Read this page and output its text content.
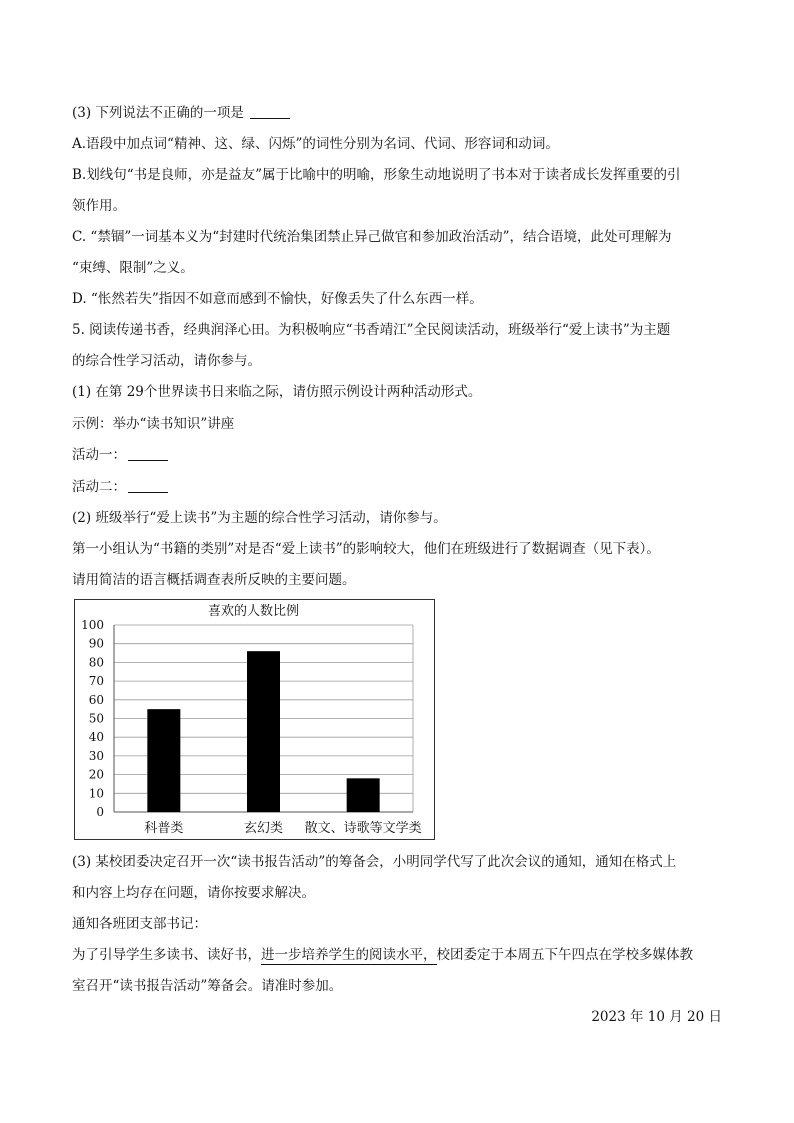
(3) 下列说法不正确的一项是
A.语段中加点词“精神、这、绿、闪烁”的词性分别为名词、代词、形容词和动词。
B.划线句“书是良师，亦是益友”属于比喻中的明喻，形象生动地说明了书本对于读者成长发挥重要的引
领作用。
C. “禁锢”一词基本义为“封建时代统治集团禁止异己做官和参加政治活动”，结合语境，此处可理解为
“束缚、限制”之义。
D. “怅然若失”指因不如意而感到不愉快，好像丢失了什么东西一样。
5. 阅读传递书香，经典润泽心田。为积极响应“书香靖江”全民阅读活动，班级举行“爱上读书”为主题
的综合性学习活动，请你参与。
(1) 在第 29个世界读书日来临之际，请仿照示例设计两种活动形式。
示例：举办“读书知识”讲座
活动一：
活动二：
(2) 班级举行“爱上读书”为主题的综合性学习活动，请你参与。
第一小组认为“书籍的类别”对是否“爱上读书”的影响较大，他们在班级进行了数据调查（见下表）。
请用简洁的语言概括调查表所反映的主要问题。
喜欢的人数比例
0
10
20
30
40
50
60
70
80
90
100
科普类	玄幻类 散文、诗歌等文学类
(3) 某校团委决定召开一次“读书报告活动”的筹备会，小明同学代写了此次会议的通知，通知在格式上
和内容上均存在问题，请你按要求解决。
通知各班团支部书记：
为了引导学生多读书、读好书，进一步培养学生的阅读水平，校团委定于本周五下午四点在学校多媒体教
室召开“读书报告活动”筹备会。请准时参加。
2023 年 10 月 20 日
